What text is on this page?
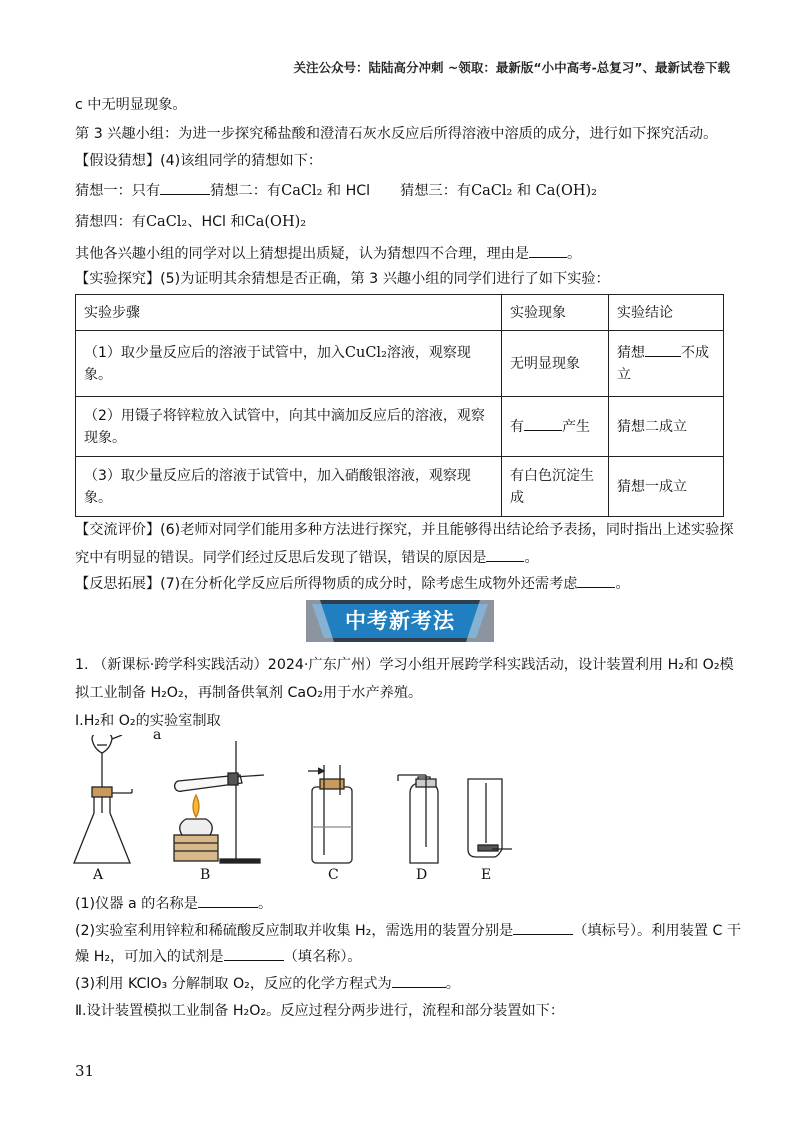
关注公众号：陆陆高分冲刺 ~领取：最新版“小中高考-总复习”、最新试卷下载
c 中无明显现象。
第 3 兴趣小组：为进一步探究稀盐酸和澄清石灰水反应后所得溶液中溶质的成分，进行如下探究活动。
【假设猜想】(4)该组同学的猜想如下：
猜想一：只有	猜想二：有CaCl₂ 和 HCl 猜想三：有CaCl₂ 和 Ca(OH)₂
猜想四：有CaCl₂、HCl 和Ca(OH)₂
其他各兴趣小组的同学对以上猜想提出质疑，认为猜想四不合理，理由是	。
【实验探究】(5)为证明其余猜想是否正确，第 3 兴趣小组的同学们进行了如下实验：
实验步骤	实验现象	实验结论
（1）取少量反应后的溶液于试管中，加入CuCl₂溶液，观察现
象。	无明显现象	猜想 不成
立
（2）用镊子将锌粒放入试管中，向其中滴加反应后的溶液，观察
现象。	有 产生	猜想二成立
（3）取少量反应后的溶液于试管中，加入硝酸银溶液，观察现
象。	有白色沉淀生
成	猜想一成立
【交流评价】(6)老师对同学们能用多种方法进行探究，并且能够得出结论给予表扬，同时指出上述实验探
究中有明显的错误。同学们经过反思后发现了错误，错误的原因是	。
【反思拓展】(7)在分析化学反应后所得物质的成分时，除考虑生成物外还需考虑	。
中考新考法
1. （新课标·跨学科实践活动）2024·广东广州）学习小组开展跨学科实践活动，设计装置利用 H₂和 O₂模
拟工业制备 H₂O₂，再制备供氧剂 CaO₂用于水产养殖。
I.H₂和 O₂的实验室制取
a
A	B	C	D	E
(1)仪器 a 的名称是	。
(2)实验室利用锌粒和稀硫酸反应制取并收集 H₂，需选用的装置分别是	（填标号）。利用装置 C 干
燥 H₂，可加入的试剂是	（填名称）。
(3)利用 KClO₃ 分解制取 O₂，反应的化学方程式为	。
Ⅱ.设计装置模拟工业制备 H₂O₂。反应过程分两步进行，流程和部分装置如下：
31
